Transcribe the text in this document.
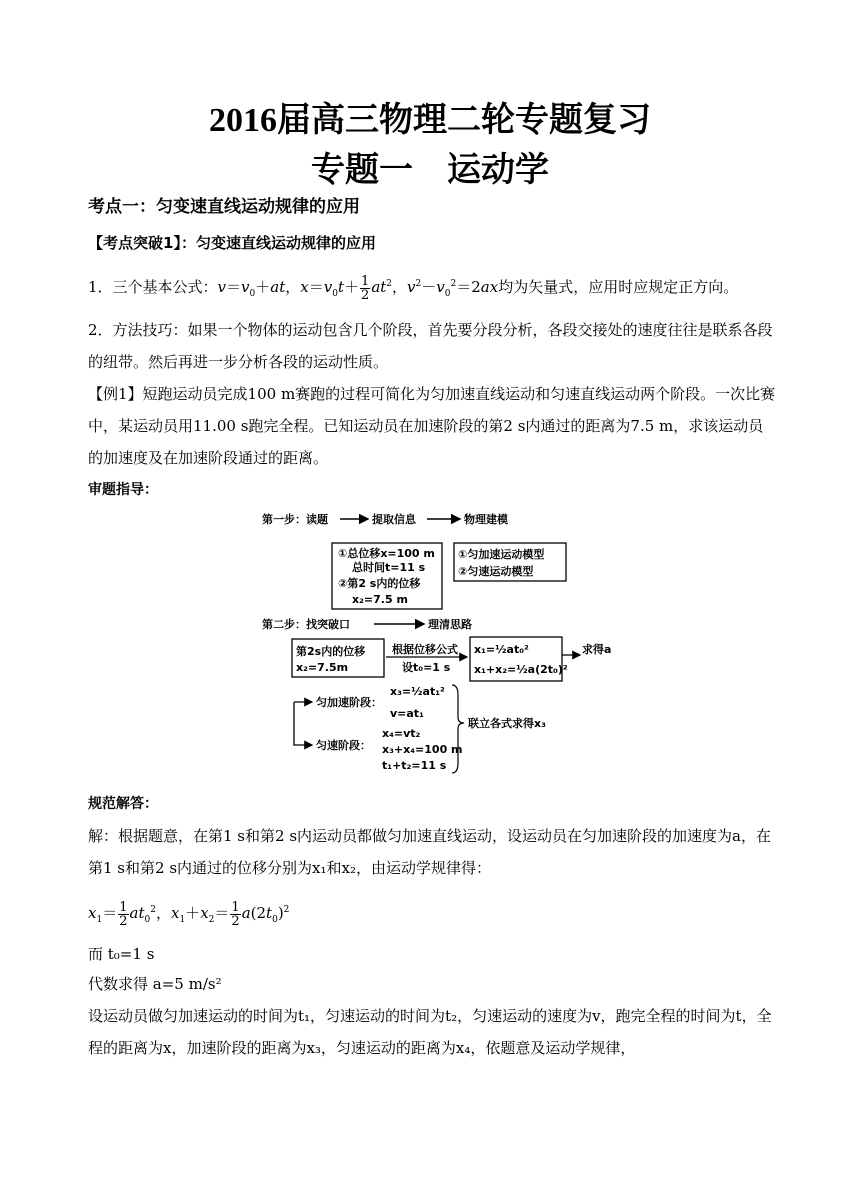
2016届高三物理二轮专题复习
专题一    运动学
考点一：匀变速直线运动规律的应用
【考点突破1】：匀变速直线运动规律的应用
1．三个基本公式：$v=v_0+at$，$x=v_0t+ \frac{1}{2} at^2$，$v^2-v_0^2=2ax$均为矢量式，应用时应规定正方向。
2．方法技巧：如果一个物体的运动包含几个阶段，首先要分段分析，各段交接处的速度往往是联系各段的纽带。然后再进一步分析各段的运动性质。
【例1】短跑运动员完成100 m赛跑的过程可简化为匀加速直线运动和匀速直线运动两个阶段。一次比赛中，某运动员用11.00 s跑完全程。已知运动员在加速阶段的第2 s内通过的距离为7.5 m，求该运动员的加速度及在加速阶段通过的距离。
审题指导：
第一步：读题	提取信息	物理建模
①总位移x=100 m
总时间t=11 s
②第2 s内的位移
x₂=7.5 m
①匀加速运动模型
②匀速运动模型
第二步：找突破口	理清思路
第2s内的位移
x₂=7.5m
根据位移公式
设t₀=1 s
x₁=½at₀²
x₁+x₂=½a(2t₀)²
求得a
匀加速阶段：
x₃=½at₁²
v=at₁
匀速阶段：
x₄=vt₂
x₃+x₄=100 m
t₁+t₂=11 s
联立各式求得x₃
规范解答：
解：根据题意，在第1 s和第2 s内运动员都做匀加速直线运动，设运动员在匀加速阶段的加速度为a，在第1 s和第2 s内通过的位移分别为x₁和x₂，由运动学规律得：
$x_1= \frac{1}{2} at_0^2$，$x_1+x_2= \frac{1}{2} a(2t_0)^2$
而 t₀=1 s
代数求得 a=5 m/s²
设运动员做匀加速运动的时间为t₁，匀速运动的时间为t₂，匀速运动的速度为v，跑完全程的时间为t，全程的距离为x，加速阶段的距离为x₃，匀速运动的距离为x₄，依题意及运动学规律，
